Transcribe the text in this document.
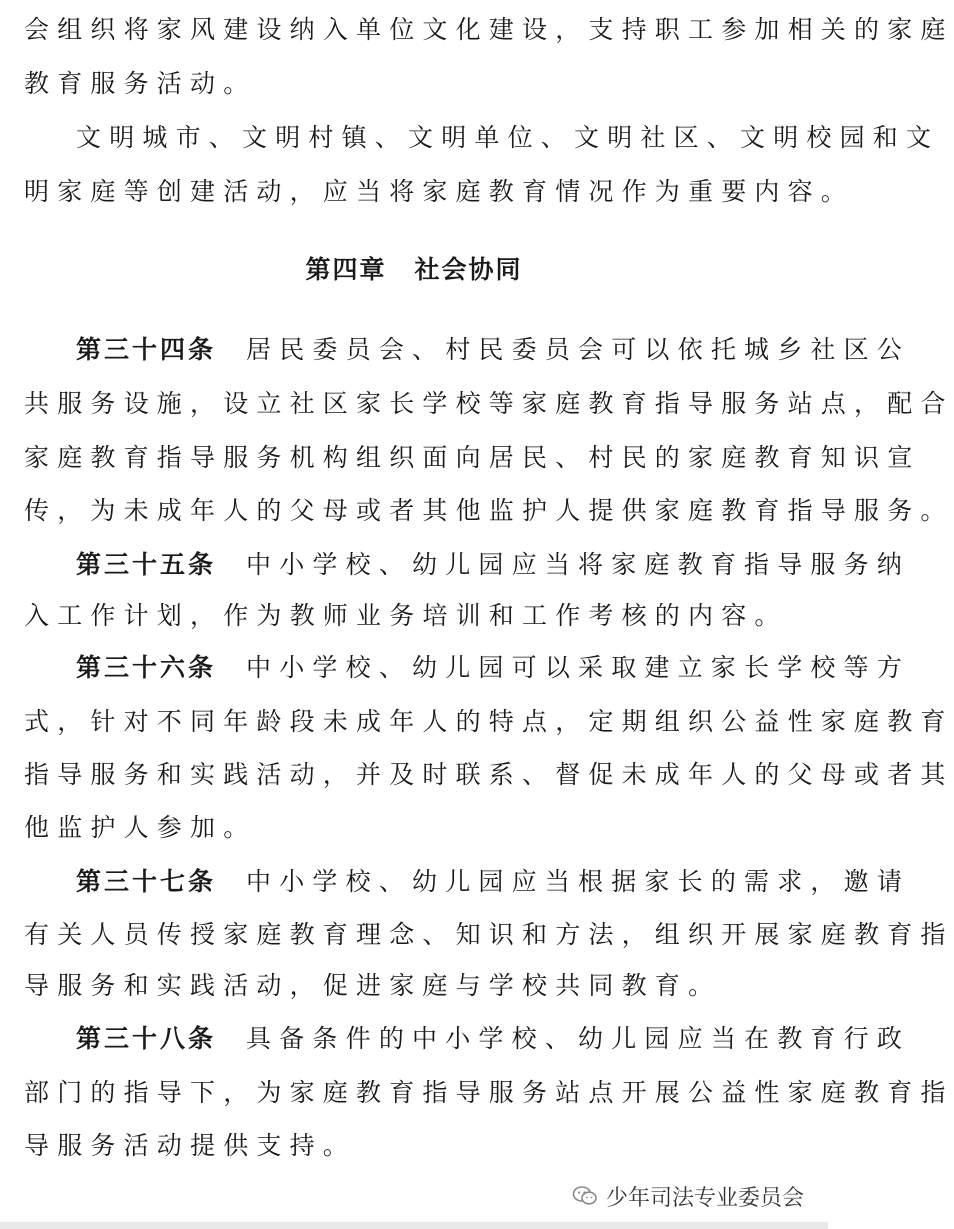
会组织将家风建设纳入单位文化建设，支持职工参加相关的家庭
教育服务活动。
文明城市、文明村镇、文明单位、文明社区、文明校园和文
明家庭等创建活动，应当将家庭教育情况作为重要内容。
第四章 社会协同
第三十四条 居民委员会、村民委员会可以依托城乡社区公
共服务设施，设立社区家长学校等家庭教育指导服务站点，配合
家庭教育指导服务机构组织面向居民、村民的家庭教育知识宣
传，为未成年人的父母或者其他监护人提供家庭教育指导服务。
第三十五条 中小学校、幼儿园应当将家庭教育指导服务纳
入工作计划，作为教师业务培训和工作考核的内容。
第三十六条 中小学校、幼儿园可以采取建立家长学校等方
式，针对不同年龄段未成年人的特点，定期组织公益性家庭教育
指导服务和实践活动，并及时联系、督促未成年人的父母或者其
他监护人参加。
第三十七条 中小学校、幼儿园应当根据家长的需求，邀请
有关人员传授家庭教育理念、知识和方法，组织开展家庭教育指
导服务和实践活动，促进家庭与学校共同教育。
第三十八条 具备条件的中小学校、幼儿园应当在教育行政
部门的指导下，为家庭教育指导服务站点开展公益性家庭教育指
导服务活动提供支持。
少年司法专业委员会
